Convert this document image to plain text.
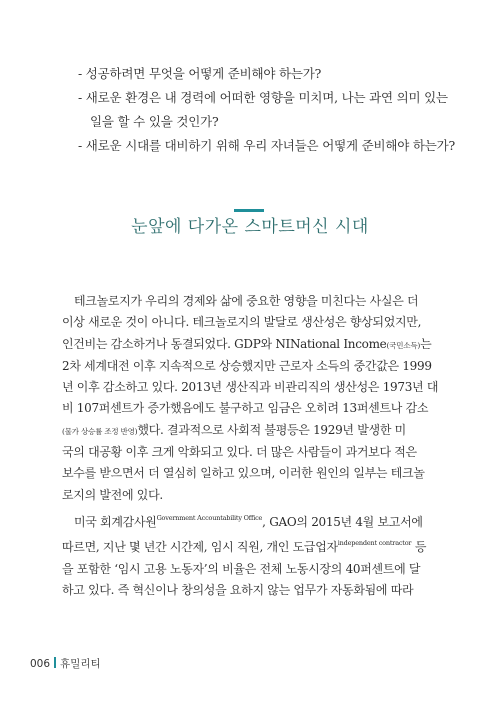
- 성공하려면 무엇을 어떻게 준비해야 하는가?
- 새로운 환경은 내 경력에 어떠한 영향을 미치며, 나는 과연 의미 있는
일을 할 수 있을 것인가?
- 새로운 시대를 대비하기 위해 우리 자녀들은 어떻게 준비해야 하는가?
눈앞에 다가온 스마트머신 시대
테크놀로지가 우리의 경제와 삶에 중요한 영향을 미친다는 사실은 더
이상 새로운 것이 아니다. 테크놀로지의 발달로 생산성은 향상되었지만,
인건비는 감소하거나 동결되었다. GDP와 NINational Income(국민소득)는
2차 세계대전 이후 지속적으로 상승했지만 근로자 소득의 중간값은 1999
년 이후 감소하고 있다. 2013년 생산직과 비관리직의 생산성은 1973년 대
비 107퍼센트가 증가했음에도 불구하고 임금은 오히려 13퍼센트나 감소
(물가 상승률 조정 반영)했다. 결과적으로 사회적 불평등은 1929년 발생한 미
국의 대공황 이후 크게 악화되고 있다. 더 많은 사람들이 과거보다 적은
보수를 받으면서 더 열심히 일하고 있으며, 이러한 원인의 일부는 테크놀
로지의 발전에 있다.
미국 회계감사원$^{Government Accountability Office}$, GAO의 2015년 4월 보고서에
따르면, 지난 몇 년간 시간제, 임시 직원, 개인 도급업자$^{independent contractor}$ 등
을 포함한 ‘임시 고용 노동자’의 비율은 전체 노동시장의 40퍼센트에 달
하고 있다. 즉 혁신이나 창의성을 요하지 않는 업무가 자동화됨에 따라
006 휴밀리티
